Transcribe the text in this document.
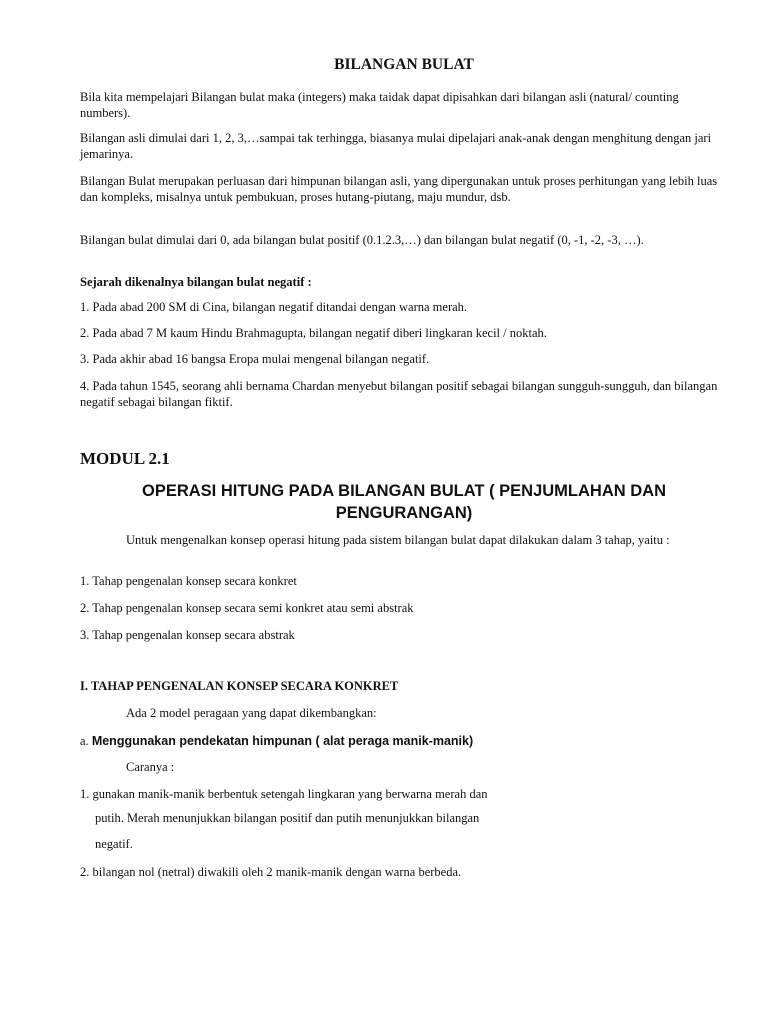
BILANGAN BULAT

Bila kita mempelajari Bilangan bulat maka (integers) maka taidak dapat dipisahkan dari bilangan asli (natural/ counting numbers).

Bilangan asli dimulai dari 1, 2, 3,…sampai tak terhingga, biasanya mulai dipelajari anak-anak dengan menghitung dengan jari jemarinya.

Bilangan Bulat merupakan perluasan dari himpunan bilangan asli, yang dipergunakan untuk proses perhitungan yang lebih luas dan kompleks, misalnya untuk pembukuan, proses hutang-piutang, maju mundur, dsb.

Bilangan bulat dimulai dari 0, ada bilangan bulat positif (0.1.2.3,…) dan bilangan bulat negatif (0, -1, -2, -3, …).

Sejarah dikenalnya bilangan bulat negatif :

1. Pada abad 200 SM di Cina, bilangan negatif ditandai dengan warna merah.

2. Pada abad 7 M kaum Hindu Brahmagupta, bilangan negatif diberi lingkaran kecil / noktah.

3. Pada akhir abad 16 bangsa Eropa mulai mengenal bilangan negatif.

4. Pada tahun 1545, seorang ahli bernama Chardan menyebut bilangan positif sebagai bilangan sungguh-sungguh, dan bilangan negatif sebagai bilangan fiktif.

MODUL 2.1
OPERASI HITUNG PADA BILANGAN BULAT ( PENJUMLAHAN DAN
PENGURANGAN)

Untuk mengenalkan konsep operasi hitung pada sistem bilangan bulat dapat dilakukan dalam 3 tahap, yaitu :

1. Tahap pengenalan konsep secara konkret

2. Tahap pengenalan konsep secara semi konkret atau semi abstrak

3. Tahap pengenalan konsep secara abstrak

I. TAHAP PENGENALAN KONSEP SECARA KONKRET

Ada 2 model peragaan yang dapat dikembangkan:

a. Menggunakan pendekatan himpunan ( alat peraga manik-manik)

Caranya :

1. gunakan manik-manik berbentuk setengah lingkaran yang berwarna merah dan

putih. Merah menunjukkan bilangan positif dan putih menunjukkan bilangan

negatif.

2. bilangan nol (netral) diwakili oleh 2 manik-manik dengan warna berbeda.
